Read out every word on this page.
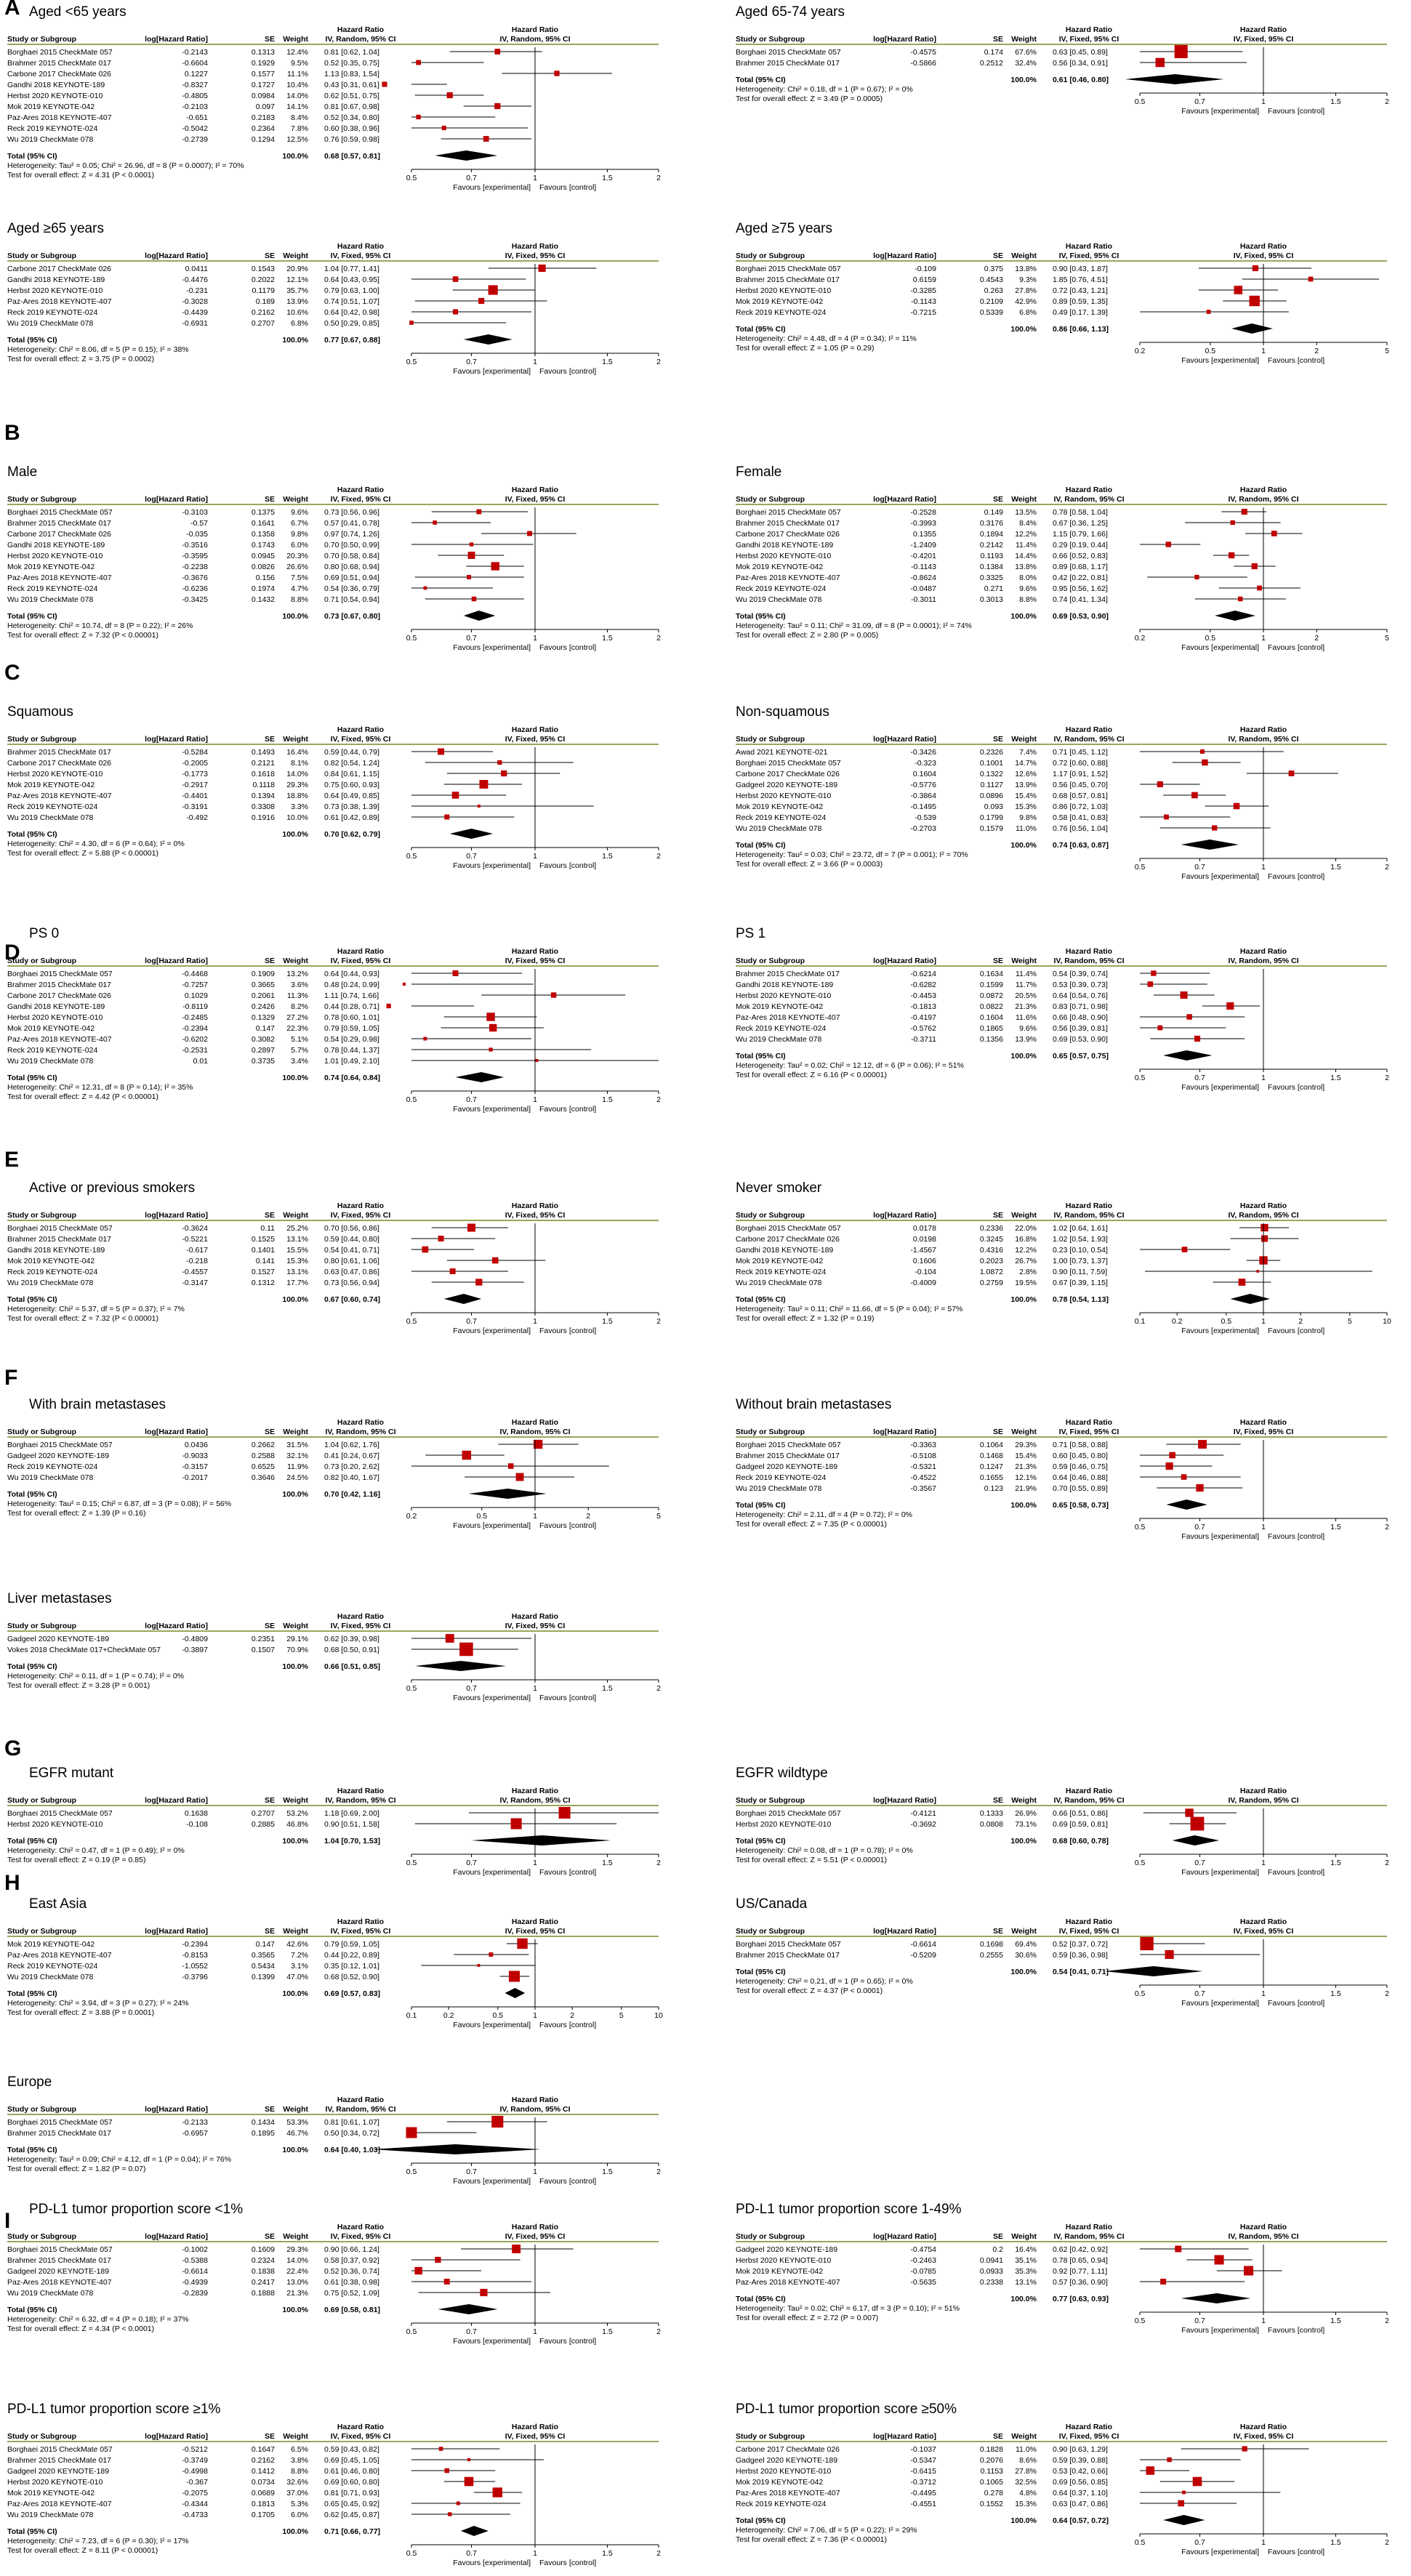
A
B
C
D
E
F
G
H
I
Aged <65 years
Hazard Ratio	Hazard Ratio
Study or Subgroup	log[Hazard Ratio]	SE Weight IV, Random, 95% CI	IV, Random, 95% CI
Borghaei 2015 CheckMate 057	-0.2143	0.1313 12.4% 0.81 [0.62, 1.04]
Brahmer 2015 CheckMate 017	-0.6604	0.1929 9.5% 0.52 [0.35, 0.75]
Carbone 2017 CheckMate 026	0.1227	0.1577 11.1% 1.13 [0.83, 1.54]
Gandhi 2018 KEYNOTE-189	-0.8327	0.1727 10.4% 0.43 [0.31, 0.61]
Herbst 2020 KEYNOTE-010	-0.4805	0.0984 14.0% 0.62 [0.51, 0.75]
Mok 2019 KEYNOTE-042	-0.2103	0.097 14.1% 0.81 [0.67, 0.98]
Paz-Ares 2018 KEYNOTE-407	-0.651	0.2183 8.4% 0.52 [0.34, 0.80]
Reck 2019 KEYNOTE-024	-0.5042	0.2364 7.8% 0.60 [0.38, 0.96]
Wu 2019 CheckMate 078	-0.2739	0.1294 12.5% 0.76 [0.59, 0.98]
Total (95% CI)	100.0% 0.68 [0.57, 0.81]
Heterogeneity: Tau² = 0.05; Chi² = 26.96, df = 8 (P = 0.0007); I² = 70%
Test for overall effect: Z = 4.31 (P < 0.0001)	0.5	0.7	1	1.5	2
Favours [experimental] Favours [control]
Aged 65-74 years
Hazard Ratio	Hazard Ratio
Study or Subgroup	log[Hazard Ratio]	SE Weight	IV, Fixed, 95% CI	IV, Fixed, 95% CI
Borghaei 2015 CheckMate 057	-0.4575	0.174 67.6% 0.63 [0.45, 0.89]
Brahmer 2015 CheckMate 017	-0.5866	0.2512 32.4% 0.56 [0.34, 0.91]
Total (95% CI)	100.0% 0.61 [0.46, 0.80]
Heterogeneity: Chi² = 0.18, df = 1 (P = 0.67); I² = 0%
Test for overall effect: Z = 3.49 (P = 0.0005)	0.5	0.7	1	1.5	2
Favours [experimental] Favours [control]
Aged ≥65 years
Hazard Ratio	Hazard Ratio
Study or Subgroup	log[Hazard Ratio]	SE Weight	IV, Fixed, 95% CI	IV, Fixed, 95% CI
Carbone 2017 CheckMate 026	0.0411	0.1543 20.9% 1.04 [0.77, 1.41]
Gandhi 2018 KEYNOTE-189	-0.4476	0.2022 12.1% 0.64 [0.43, 0.95]
Herbst 2020 KEYNOTE-010	-0.231	0.1179 35.7% 0.79 [0.63, 1.00]
Paz-Ares 2018 KEYNOTE-407	-0.3028	0.189 13.9% 0.74 [0.51, 1.07]
Reck 2019 KEYNOTE-024	-0.4439	0.2162 10.6% 0.64 [0.42, 0.98]
Wu 2019 CheckMate 078	-0.6931	0.2707 6.8% 0.50 [0.29, 0.85]
Total (95% CI)	100.0% 0.77 [0.67, 0.88]
Heterogeneity: Chi² = 8.06, df = 5 (P = 0.15); I² = 38%
Test for overall effect: Z = 3.75 (P = 0.0002)	0.5	0.7	1	1.5	2
Favours [experimental] Favours [control]
Aged ≥75 years
Hazard Ratio	Hazard Ratio
Study or Subgroup	log[Hazard Ratio]	SE Weight	IV, Fixed, 95% CI	IV, Fixed, 95% CI
Borghaei 2015 CheckMate 057	-0.109	0.375 13.8% 0.90 [0.43, 1.87]
Brahmer 2015 CheckMate 017	0.6159	0.4543 9.3% 1.85 [0.76, 4.51]
Herbst 2020 KEYNOTE-010	-0.3285	0.263 27.8% 0.72 [0.43, 1.21]
Mok 2019 KEYNOTE-042	-0.1143	0.2109 42.9% 0.89 [0.59, 1.35]
Reck 2019 KEYNOTE-024	-0.7215	0.5339 6.8% 0.49 [0.17, 1.39]
Total (95% CI)	100.0% 0.86 [0.66, 1.13]
Heterogeneity: Chi² = 4.48, df = 4 (P = 0.34); I² = 11%
Test for overall effect: Z = 1.05 (P = 0.29)	0.2	0.5	1	2	5
Favours [experimental] Favours [control]
Male
Hazard Ratio	Hazard Ratio
Study or Subgroup	log[Hazard Ratio]	SE Weight	IV, Fixed, 95% CI	IV, Fixed, 95% CI
Borghaei 2015 CheckMate 057	-0.3103	0.1375 9.6% 0.73 [0.56, 0.96]
Brahmer 2015 CheckMate 017	-0.57	0.1641 6.7% 0.57 [0.41, 0.78]
Carbone 2017 CheckMate 026	-0.035	0.1358 9.8% 0.97 [0.74, 1.26]
Gandhi 2018 KEYNOTE-189	-0.3516	0.1743 6.0% 0.70 [0.50, 0.99]
Herbst 2020 KEYNOTE-010	-0.3595	0.0945 20.3% 0.70 [0.58, 0.84]
Mok 2019 KEYNOTE-042	-0.2238	0.0826 26.6% 0.80 [0.68, 0.94]
Paz-Ares 2018 KEYNOTE-407	-0.3676	0.156 7.5% 0.69 [0.51, 0.94]
Reck 2019 KEYNOTE-024	-0.6236	0.1974 4.7% 0.54 [0.36, 0.79]
Wu 2019 CheckMate 078	-0.3425	0.1432 8.8% 0.71 [0.54, 0.94]
Total (95% CI)	100.0% 0.73 [0.67, 0.80]
Heterogeneity: Chi² = 10.74, df = 8 (P = 0.22); I² = 26%
Test for overall effect: Z = 7.32 (P < 0.00001)	0.5	0.7	1	1.5	2
Favours [experimental] Favours [control]
Female
Hazard Ratio	Hazard Ratio
Study or Subgroup	log[Hazard Ratio]	SE Weight IV, Random, 95% CI	IV, Random, 95% CI
Borghaei 2015 CheckMate 057	-0.2528	0.149 13.5% 0.78 [0.58, 1.04]
Brahmer 2015 CheckMate 017	-0.3993	0.3176 8.4% 0.67 [0.36, 1.25]
Carbone 2017 CheckMate 026	0.1355	0.1894 12.2% 1.15 [0.79, 1.66]
Gandhi 2018 KEYNOTE-189	-1.2409	0.2142 11.4% 0.29 [0.19, 0.44]
Herbst 2020 KEYNOTE-010	-0.4201	0.1193 14.4% 0.66 [0.52, 0.83]
Mok 2019 KEYNOTE-042	-0.1143	0.1384 13.8% 0.89 [0.68, 1.17]
Paz-Ares 2018 KEYNOTE-407	-0.8624	0.3325 8.0% 0.42 [0.22, 0.81]
Reck 2019 KEYNOTE-024	-0.0487	0.271 9.6% 0.95 [0.56, 1.62]
Wu 2019 CheckMate 078	-0.3011	0.3013 8.8% 0.74 [0.41, 1.34]
Total (95% CI)	100.0% 0.69 [0.53, 0.90]
Heterogeneity: Tau² = 0.11; Chi² = 31.09, df = 8 (P = 0.0001); I² = 74%
Test for overall effect: Z = 2.80 (P = 0.005)	0.2	0.5	1	2	5
Favours [experimental] Favours [control]
Squamous
Hazard Ratio	Hazard Ratio
Study or Subgroup	log[Hazard Ratio]	SE Weight	IV, Fixed, 95% CI	IV, Fixed, 95% CI
Brahmer 2015 CheckMate 017	-0.5284	0.1493 16.4% 0.59 [0.44, 0.79]
Carbone 2017 CheckMate 026	-0.2005	0.2121 8.1% 0.82 [0.54, 1.24]
Herbst 2020 KEYNOTE-010	-0.1773	0.1618 14.0% 0.84 [0.61, 1.15]
Mok 2019 KEYNOTE-042	-0.2917	0.1118 29.3% 0.75 [0.60, 0.93]
Paz-Ares 2018 KEYNOTE-407	-0.4401	0.1394 18.8% 0.64 [0.49, 0.85]
Reck 2019 KEYNOTE-024	-0.3191	0.3308 3.3% 0.73 [0.38, 1.39]
Wu 2019 CheckMate 078	-0.492	0.1916 10.0% 0.61 [0.42, 0.89]
Total (95% CI)	100.0% 0.70 [0.62, 0.79]
Heterogeneity: Chi² = 4.30, df = 6 (P = 0.64); I² = 0%
Test for overall effect: Z = 5.88 (P < 0.00001)	0.5	0.7	1	1.5	2
Favours [experimental] Favours [control]
Non-squamous
Hazard Ratio	Hazard Ratio
Study or Subgroup	log[Hazard Ratio]	SE Weight IV, Random, 95% CI	IV, Random, 95% CI
Awad 2021 KEYNOTE-021	-0.3426	0.2326 7.4% 0.71 [0.45, 1.12]
Borghaei 2015 CheckMate 057	-0.323	0.1001 14.7% 0.72 [0.60, 0.88]
Carbone 2017 CheckMate 026	0.1604	0.1322 12.6% 1.17 [0.91, 1.52]
Gadgeel 2020 KEYNOTE-189	-0.5776	0.1127 13.9% 0.56 [0.45, 0.70]
Herbst 2020 KEYNOTE-010	-0.3864	0.0896 15.4% 0.68 [0.57, 0.81]
Mok 2019 KEYNOTE-042	-0.1495	0.093 15.3% 0.86 [0.72, 1.03]
Reck 2019 KEYNOTE-024	-0.539	0.1799 9.8% 0.58 [0.41, 0.83]
Wu 2019 CheckMate 078	-0.2703	0.1579 11.0% 0.76 [0.56, 1.04]
Total (95% CI)	100.0% 0.74 [0.63, 0.87]
Heterogeneity: Tau² = 0.03; Chi² = 23.72, df = 7 (P = 0.001); I² = 70%
Test for overall effect: Z = 3.66 (P = 0.0003)	0.5	0.7	1	1.5	2
Favours [experimental] Favours [control]
PS 0
Hazard Ratio	Hazard Ratio
Study or Subgroup	log[Hazard Ratio]	SE Weight	IV, Fixed, 95% CI	IV, Fixed, 95% CI
Borghaei 2015 CheckMate 057	-0.4468	0.1909 13.2% 0.64 [0.44, 0.93]
Brahmer 2015 CheckMate 017	-0.7257	0.3665 3.6% 0.48 [0.24, 0.99]
Carbone 2017 CheckMate 026	0.1029	0.2061 11.3% 1.11 [0.74, 1.66]
Gandhi 2018 KEYNOTE-189	-0.8119	0.2426 8.2% 0.44 [0.28, 0.71]
Herbst 2020 KEYNOTE-010	-0.2485	0.1329 27.2% 0.78 [0.60, 1.01]
Mok 2019 KEYNOTE-042	-0.2394	0.147 22.3% 0.79 [0.59, 1.05]
Paz-Ares 2018 KEYNOTE-407	-0.6202	0.3082 5.1% 0.54 [0.29, 0.98]
Reck 2019 KEYNOTE-024	-0.2531	0.2897 5.7% 0.78 [0.44, 1.37]
Wu 2019 CheckMate 078	0.01	0.3735 3.4% 1.01 [0.49, 2.10]
Total (95% CI)	100.0% 0.74 [0.64, 0.84]
Heterogeneity: Chi² = 12.31, df = 8 (P = 0.14); I² = 35%
Test for overall effect: Z = 4.42 (P < 0.00001)	0.5	0.7	1	1.5	2
Favours [experimental] Favours [control]
PS 1
Hazard Ratio	Hazard Ratio
Study or Subgroup	log[Hazard Ratio]	SE Weight IV, Random, 95% CI	IV, Random, 95% CI
Brahmer 2015 CheckMate 017	-0.6214	0.1634 11.4% 0.54 [0.39, 0.74]
Gandhi 2018 KEYNOTE-189	-0.6282	0.1599 11.7% 0.53 [0.39, 0.73]
Herbst 2020 KEYNOTE-010	-0.4453	0.0872 20.5% 0.64 [0.54, 0.76]
Mok 2019 KEYNOTE-042	-0.1813	0.0822 21.3% 0.83 [0.71, 0.98]
Paz-Ares 2018 KEYNOTE-407	-0.4197	0.1604 11.6% 0.66 [0.48, 0.90]
Reck 2019 KEYNOTE-024	-0.5762	0.1865 9.6% 0.56 [0.39, 0.81]
Wu 2019 CheckMate 078	-0.3711	0.1356 13.9% 0.69 [0.53, 0.90]
Total (95% CI)	100.0% 0.65 [0.57, 0.75]
Heterogeneity: Tau² = 0.02; Chi² = 12.12, df = 6 (P = 0.06); I² = 51%
Test for overall effect: Z = 6.16 (P < 0.00001)	0.5	0.7	1	1.5	2
Favours [experimental] Favours [control]
Active or previous smokers
Hazard Ratio	Hazard Ratio
Study or Subgroup	log[Hazard Ratio]	SE Weight	IV, Fixed, 95% CI	IV, Fixed, 95% CI
Borghaei 2015 CheckMate 057	-0.3624	0.11 25.2% 0.70 [0.56, 0.86]
Brahmer 2015 CheckMate 017	-0.5221	0.1525 13.1% 0.59 [0.44, 0.80]
Gandhi 2018 KEYNOTE-189	-0.617	0.1401 15.5% 0.54 [0.41, 0.71]
Mok 2019 KEYNOTE-042	-0.218	0.141 15.3% 0.80 [0.61, 1.06]
Reck 2019 KEYNOTE-024	-0.4557	0.1527 13.1% 0.63 [0.47, 0.86]
Wu 2019 CheckMate 078	-0.3147	0.1312 17.7% 0.73 [0.56, 0.94]
Total (95% CI)	100.0% 0.67 [0.60, 0.74]
Heterogeneity: Chi² = 5.37, df = 5 (P = 0.37); I² = 7%
Test for overall effect: Z = 7.32 (P < 0.00001)	0.5	0.7	1	1.5	2
Favours [experimental] Favours [control]
Never smoker
Hazard Ratio	Hazard Ratio
Study or Subgroup	log[Hazard Ratio]	SE Weight IV, Random, 95% CI	IV, Random, 95% CI
Borghaei 2015 CheckMate 057	0.0178	0.2336 22.0% 1.02 [0.64, 1.61]
Carbone 2017 CheckMate 026	0.0198	0.3245 16.8% 1.02 [0.54, 1.93]
Gandhi 2018 KEYNOTE-189	-1.4567	0.4316 12.2% 0.23 [0.10, 0.54]
Mok 2019 KEYNOTE-042	0.1606	0.2023 26.7% 1.00 [0.73, 1.37]
Reck 2019 KEYNOTE-024	-0.104	1.0872 2.8% 0.90 [0.11, 7.59]
Wu 2019 CheckMate 078	-0.4009	0.2759 19.5% 0.67 [0.39, 1.15]
Total (95% CI)	100.0% 0.78 [0.54, 1.13]
Heterogeneity: Tau² = 0.11; Chi² = 11.66, df = 5 (P = 0.04); I² = 57%
Test for overall effect: Z = 1.32 (P = 0.19)	0.1	0.2	0.5	1	2	5	10
Favours [experimental] Favours [control]
With brain metastases
Hazard Ratio	Hazard Ratio
Study or Subgroup	log[Hazard Ratio]	SE Weight IV, Random, 95% CI	IV, Random, 95% CI
Borghaei 2015 CheckMate 057	0.0436	0.2662 31.5% 1.04 [0.62, 1.76]
Gadgeel 2020 KEYNOTE-189	-0.9033	0.2588 32.1% 0.41 [0.24, 0.67]
Reck 2019 KEYNOTE-024	-0.3157	0.6525 11.9% 0.73 [0.20, 2.62]
Wu 2019 CheckMate 078	-0.2017	0.3646 24.5% 0.82 [0.40, 1.67]
Total (95% CI)	100.0% 0.70 [0.42, 1.16]
Heterogeneity: Tau² = 0.15; Chi² = 6.87, df = 3 (P = 0.08); I² = 56%
Test for overall effect: Z = 1.39 (P = 0.16)	0.2	0.5	1	2	5
Favours [experimental] Favours [control]
Without brain metastases
Hazard Ratio	Hazard Ratio
Study or Subgroup	log[Hazard Ratio]	SE Weight	IV, Fixed, 95% CI	IV, Fixed, 95% CI
Borghaei 2015 CheckMate 057	-0.3363	0.1064 29.3% 0.71 [0.58, 0.88]
Brahmer 2015 CheckMate 017	-0.5108	0.1468 15.4% 0.60 [0.45, 0.80]
Gadgeel 2020 KEYNOTE-189	-0.5321	0.1247 21.3% 0.59 [0.46, 0.75]
Reck 2019 KEYNOTE-024	-0.4522	0.1655 12.1% 0.64 [0.46, 0.88]
Wu 2019 CheckMate 078	-0.3567	0.123 21.9% 0.70 [0.55, 0.89]
Total (95% CI)	100.0% 0.65 [0.58, 0.73]
Heterogeneity: Chi² = 2.11, df = 4 (P = 0.72); I² = 0%
Test for overall effect: Z = 7.35 (P < 0.00001)	0.5	0.7	1	1.5	2
Favours [experimental] Favours [control]
Liver metastases
Hazard Ratio	Hazard Ratio
Study or Subgroup	log[Hazard Ratio]	SE Weight	IV, Fixed, 95% CI	IV, Fixed, 95% CI
Gadgeel 2020 KEYNOTE-189	-0.4809	0.2351 29.1% 0.62 [0.39, 0.98]
Vokes 2018 CheckMate 017+CheckMate 057	-0.3897	0.1507 70.9% 0.68 [0.50, 0.91]
Total (95% CI)	100.0% 0.66 [0.51, 0.85]
Heterogeneity: Chi² = 0.11, df = 1 (P = 0.74); I² = 0%
Test for overall effect: Z = 3.28 (P = 0.001)	0.5	0.7	1	1.5	2
Favours [experimental] Favours [control]
EGFR mutant
Hazard Ratio	Hazard Ratio
Study or Subgroup	log[Hazard Ratio]	SE Weight IV, Random, 95% CI	IV, Random, 95% CI
Borghaei 2015 CheckMate 057	0.1638	0.2707 53.2% 1.18 [0.69, 2.00]
Herbst 2020 KEYNOTE-010	-0.108	0.2885 46.8% 0.90 [0.51, 1.58]
Total (95% CI)	100.0% 1.04 [0.70, 1.53]
Heterogeneity: Chi² = 0.47, df = 1 (P = 0.49); I² = 0%
Test for overall effect: Z = 0.19 (P = 0.85)	0.5	0.7	1	1.5	2
Favours [experimental] Favours [control]
EGFR wildtype
Hazard Ratio	Hazard Ratio
Study or Subgroup	log[Hazard Ratio]	SE Weight IV, Random, 95% CI	IV, Random, 95% CI
Borghaei 2015 CheckMate 057	-0.4121	0.1333 26.9% 0.66 [0.51, 0.86]
Herbst 2020 KEYNOTE-010	-0.3692	0.0808 73.1% 0.69 [0.59, 0.81]
Total (95% CI)	100.0% 0.68 [0.60, 0.78]
Heterogeneity: Chi² = 0.08, df = 1 (P = 0.78); I² = 0%
Test for overall effect: Z = 5.51 (P < 0.00001)	0.5	0.7	1	1.5	2
Favours [experimental] Favours [control]
East Asia
Hazard Ratio	Hazard Ratio
Study or Subgroup	log[Hazard Ratio]	SE Weight	IV, Fixed, 95% CI	IV, Fixed, 95% CI
Mok 2019 KEYNOTE-042	-0.2394	0.147 42.6% 0.79 [0.59, 1.05]
Paz-Ares 2018 KEYNOTE-407	-0.8153	0.3565 7.2% 0.44 [0.22, 0.89]
Reck 2019 KEYNOTE-024	-1.0552	0.5434 3.1% 0.35 [0.12, 1.01]
Wu 2019 CheckMate 078	-0.3796	0.1399 47.0% 0.68 [0.52, 0.90]
Total (95% CI)	100.0% 0.69 [0.57, 0.83]
Heterogeneity: Chi² = 3.94, df = 3 (P = 0.27); I² = 24%
Test for overall effect: Z = 3.88 (P = 0.0001)	0.1	0.2	0.5	1	2	5	10
Favours [experimental] Favours [control]
US/Canada
Hazard Ratio	Hazard Ratio
Study or Subgroup	log[Hazard Ratio]	SE Weight	IV, Fixed, 95% CI	IV, Fixed, 95% CI
Borghaei 2015 CheckMate 057	-0.6614	0.1698 69.4% 0.52 [0.37, 0.72]
Brahmer 2015 CheckMate 017	-0.5209	0.2555 30.6% 0.59 [0.36, 0.98]
Total (95% CI)	100.0% 0.54 [0.41, 0.71]
Heterogeneity: Chi² = 0.21, df = 1 (P = 0.65); I² = 0%
Test for overall effect: Z = 4.37 (P < 0.0001)	0.5	0.7	1	1.5	2
Favours [experimental] Favours [control]
Europe
Hazard Ratio	Hazard Ratio
Study or Subgroup	log[Hazard Ratio]	SE Weight IV, Random, 95% CI	IV, Random, 95% CI
Borghaei 2015 CheckMate 057	-0.2133	0.1434 53.3% 0.81 [0.61, 1.07]
Brahmer 2015 CheckMate 017	-0.6957	0.1895 46.7% 0.50 [0.34, 0.72]
Total (95% CI)	100.0% 0.64 [0.40, 1.03]
Heterogeneity: Tau² = 0.09; Chi² = 4.12, df = 1 (P = 0.04); I² = 76%
Test for overall effect: Z = 1.82 (P = 0.07)	0.5	0.7	1	1.5	2
Favours [experimental] Favours [control]
PD-L1 tumor proportion score <1%
Hazard Ratio	Hazard Ratio
Study or Subgroup	log[Hazard Ratio]	SE Weight	IV, Fixed, 95% CI	IV, Fixed, 95% CI
Borghaei 2015 CheckMate 057	-0.1002	0.1609 29.3% 0.90 [0.66, 1.24]
Brahmer 2015 CheckMate 017	-0.5388	0.2324 14.0% 0.58 [0.37, 0.92]
Gadgeel 2020 KEYNOTE-189	-0.6614	0.1838 22.4% 0.52 [0.36, 0.74]
Paz-Ares 2018 KEYNOTE-407	-0.4939	0.2417 13.0% 0.61 [0.38, 0.98]
Wu 2019 CheckMate 078	-0.2839	0.1888 21.3% 0.75 [0.52, 1.09]
Total (95% CI)	100.0% 0.69 [0.58, 0.81]
Heterogeneity: Chi² = 6.32, df = 4 (P = 0.18); I² = 37%
Test for overall effect: Z = 4.34 (P < 0.0001)	0.5	0.7	1	1.5	2
Favours [experimental] Favours [control]
PD-L1 tumor proportion score 1-49%
Hazard Ratio	Hazard Ratio
Study or Subgroup	log[Hazard Ratio]	SE Weight IV, Random, 95% CI	IV, Random, 95% CI
Gadgeel 2020 KEYNOTE-189	-0.4754	0.2 16.4% 0.62 [0.42, 0.92]
Herbst 2020 KEYNOTE-010	-0.2463	0.0941 35.1% 0.78 [0.65, 0.94]
Mok 2019 KEYNOTE-042	-0.0785	0.0933 35.3% 0.92 [0.77, 1.11]
Paz-Ares 2018 KEYNOTE-407	-0.5635	0.2338 13.1% 0.57 [0.36, 0.90]
Total (95% CI)	100.0% 0.77 [0.63, 0.93]
Heterogeneity: Tau² = 0.02; Chi² = 6.17, df = 3 (P = 0.10); I² = 51%
Test for overall effect: Z = 2.72 (P = 0.007)	0.5	0.7	1	1.5	2
Favours [experimental] Favours [control]
PD-L1 tumor proportion score ≥1%
Hazard Ratio	Hazard Ratio
Study or Subgroup	log[Hazard Ratio]	SE Weight	IV, Fixed, 95% CI	IV, Fixed, 95% CI
Borghaei 2015 CheckMate 057	-0.5212	0.1647 6.5% 0.59 [0.43, 0.82]
Brahmer 2015 CheckMate 017	-0.3749	0.2162 3.8% 0.69 [0.45, 1.05]
Gadgeel 2020 KEYNOTE-189	-0.4998	0.1412 8.8% 0.61 [0.46, 0.80]
Herbst 2020 KEYNOTE-010	-0.367	0.0734 32.6% 0.69 [0.60, 0.80]
Mok 2019 KEYNOTE-042	-0.2075	0.0689 37.0% 0.81 [0.71, 0.93]
Paz-Ares 2018 KEYNOTE-407	-0.4344	0.1813 5.3% 0.65 [0.45, 0.92]
Wu 2019 CheckMate 078	-0.4733	0.1705 6.0% 0.62 [0.45, 0.87]
Total (95% CI)	100.0% 0.71 [0.66, 0.77]
Heterogeneity: Chi² = 7.23, df = 6 (P = 0.30); I² = 17%
Test for overall effect: Z = 8.11 (P < 0.00001)	0.5	0.7	1	1.5	2
Favours [experimental] Favours [control]
PD-L1 tumor proportion score ≥50%
Hazard Ratio	Hazard Ratio
Study or Subgroup	log[Hazard Ratio]	SE Weight	IV, Fixed, 95% CI	IV, Fixed, 95% CI
Carbone 2017 CheckMate 026	-0.1037	0.1828 11.0% 0.90 [0.63, 1.29]
Gadgeel 2020 KEYNOTE-189	-0.5347	0.2076 8.6% 0.59 [0.39, 0.88]
Herbst 2020 KEYNOTE-010	-0.6415	0.1153 27.8% 0.53 [0.42, 0.66]
Mok 2019 KEYNOTE-042	-0.3712	0.1065 32.5% 0.69 [0.56, 0.85]
Paz-Ares 2018 KEYNOTE-407	-0.4495	0.278 4.8% 0.64 [0.37, 1.10]
Reck 2019 KEYNOTE-024	-0.4551	0.1552 15.3% 0.63 [0.47, 0.86]
Total (95% CI)	100.0% 0.64 [0.57, 0.72]
Heterogeneity: Chi² = 7.06, df = 5 (P = 0.22); I² = 29%
Test for overall effect: Z = 7.36 (P < 0.00001)	0.5	0.7	1	1.5	2
Favours [experimental] Favours [control]
